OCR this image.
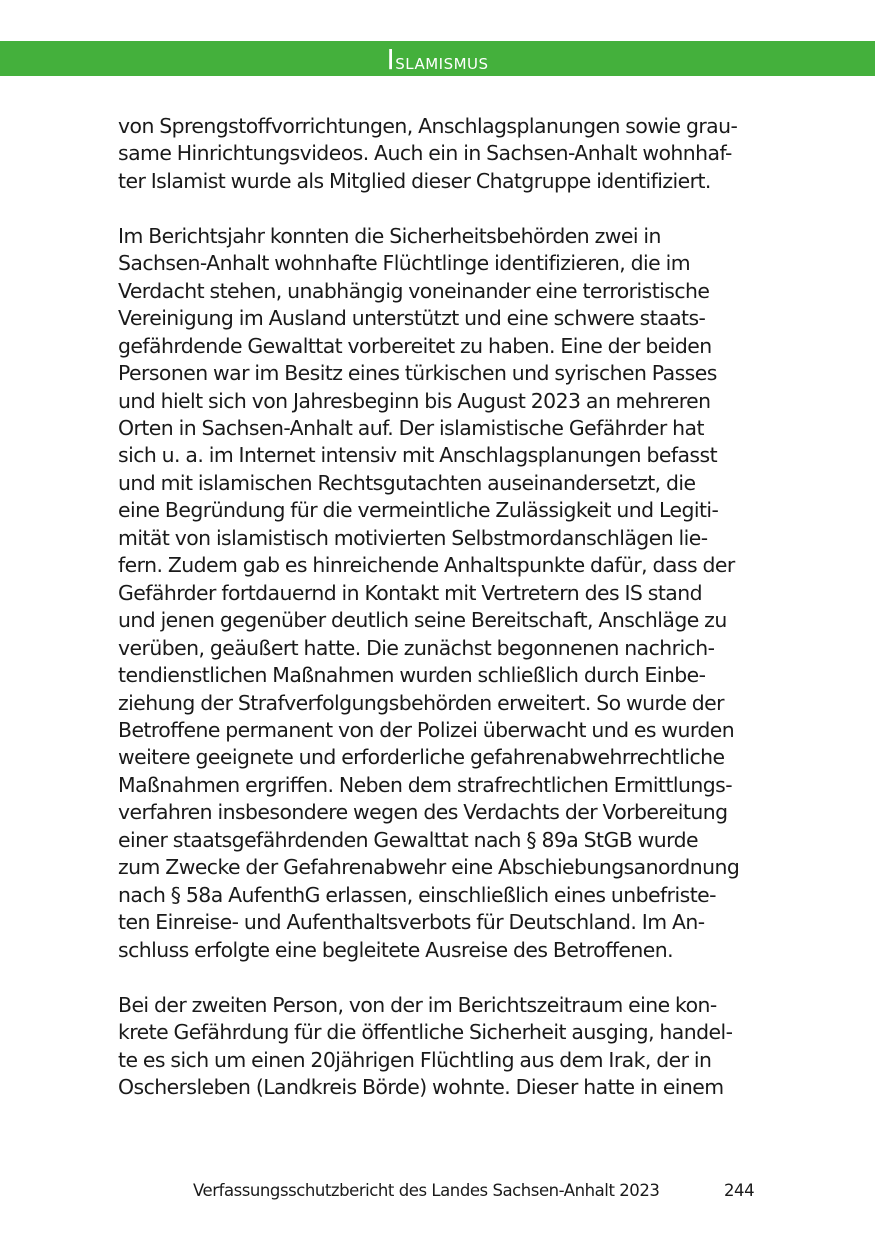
Islamismus

von Sprengstoffvorrichtungen, Anschlagsplanungen sowie grau-
same Hinrichtungsvideos. Auch ein in Sachsen-Anhalt wohnhaf-
ter Islamist wurde als Mitglied dieser Chatgruppe identifiziert.

Im Berichtsjahr konnten die Sicherheitsbehörden zwei in
Sachsen-Anhalt wohnhafte Flüchtlinge identifizieren, die im
Verdacht stehen, unabhängig voneinander eine terroristische
Vereinigung im Ausland unterstützt und eine schwere staats-
gefährdende Gewalttat vorbereitet zu haben. Eine der beiden
Personen war im Besitz eines türkischen und syrischen Passes
und hielt sich von Jahresbeginn bis August 2023 an mehreren
Orten in Sachsen-Anhalt auf. Der islamistische Gefährder hat
sich u. a. im Internet intensiv mit Anschlagsplanungen befasst
und mit islamischen Rechtsgutachten auseinandersetzt, die
eine Begründung für die vermeintliche Zulässigkeit und Legiti-
mität von islamistisch motivierten Selbstmordanschlägen lie-
fern. Zudem gab es hinreichende Anhaltspunkte dafür, dass der
Gefährder fortdauernd in Kontakt mit Vertretern des IS stand
und jenen gegenüber deutlich seine Bereitschaft, Anschläge zu
verüben, geäußert hatte. Die zunächst begonnenen nachrich-
tendienstlichen Maßnahmen wurden schließlich durch Einbe-
ziehung der Strafverfolgungsbehörden erweitert. So wurde der
Betroffene permanent von der Polizei überwacht und es wurden
weitere geeignete und erforderliche gefahrenabwehrrechtliche
Maßnahmen ergriffen. Neben dem strafrechtlichen Ermittlungs-
verfahren insbesondere wegen des Verdachts der Vorbereitung
einer staatsgefährdenden Gewalttat nach § 89a StGB wurde
zum Zwecke der Gefahrenabwehr eine Abschiebungsanordnung
nach § 58a AufenthG erlassen, einschließlich eines unbefriste-
ten Einreise- und Aufenthaltsverbots für Deutschland. Im An-
schluss erfolgte eine begleitete Ausreise des Betroffenen.

Bei der zweiten Person, von der im Berichtszeitraum eine kon-
krete Gefährdung für die öffentliche Sicherheit ausging, handel-
te es sich um einen 20jährigen Flüchtling aus dem Irak, der in
Oschersleben (Landkreis Börde) wohnte. Dieser hatte in einem

Verfassungsschutzbericht des Landes Sachsen-Anhalt 2023	244
